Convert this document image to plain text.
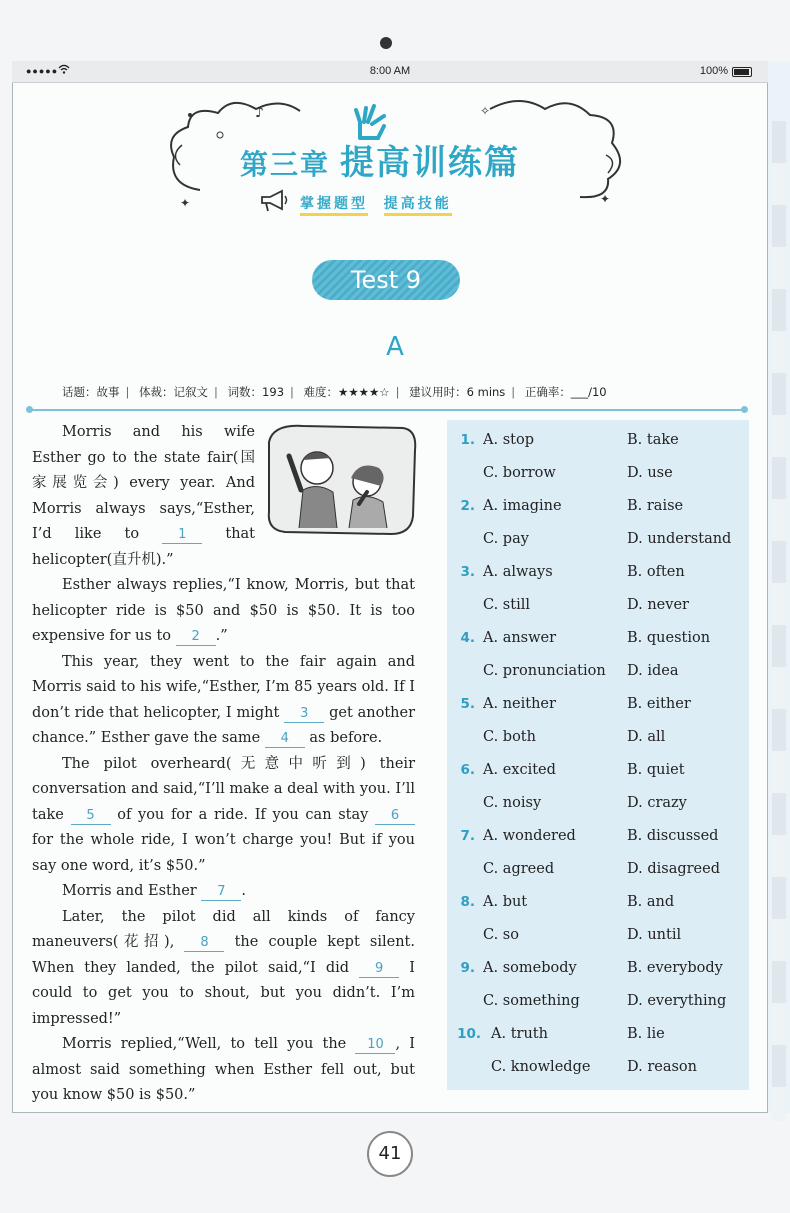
●●●●●	8:00 AM	100%
✦	✦
✧
♪
第三章 提高训练篇
掌握题型 提高技能
Test 9
A
话题：故事 | 体裁：记叙文 | 词数：193 | 难度：★★★★☆ | 建议用时：6 mins | 正确率：___/10

Morris and his wife Esther go to the state fair(国家展览会) every year. And Morris always says,“Esther, I’d like to	1	that helicopter(直升机).”

Esther always replies,“I know, Morris, but that helicopter ride is $50 and $50 is $50. It is too expensive for us to 2 .”

This year, they went to the fair again and Morris said to his wife,“Esther, I’m 85 years old. If I don’t ride that helicopter, I might 3 get another chance.” Esther gave the same 4 as before.

The pilot overheard(无意中听到) their conversation and said,“I’ll make a deal with you. I’ll take 5 of you for a ride. If you can stay 6 for the whole ride, I won’t charge you! But if you say one word, it’s $50.”

Morris and Esther 7 .

Later, the pilot did all kinds of fancy maneuvers(花招), 8 the couple kept silent. When they landed, the pilot said,“I did 9 I could to get you to shout, but you didn’t. I’m impressed!”

Morris replied,“Well, to tell you the 10 , I almost said something when Esther fell out, but you know $50 is $50.”

1. A. stop	B. take
C. borrow	D. use
2. A. imagine	B. raise
C. pay	D. understand
3. A. always	B. often
C. still	D. never
4. A. answer	B. question
C. pronunciation D. idea
5. A. neither	B. either
C. both	D. all
6. A. excited	B. quiet
C. noisy	D. crazy
7. A. wondered	B. discussed
C. agreed	D. disagreed
8. A. but	B. and
C. so	D. until
9. A. somebody	B. everybody
C. something	D. everything
10. A. truth	B. lie
C. knowledge	D. reason
41
